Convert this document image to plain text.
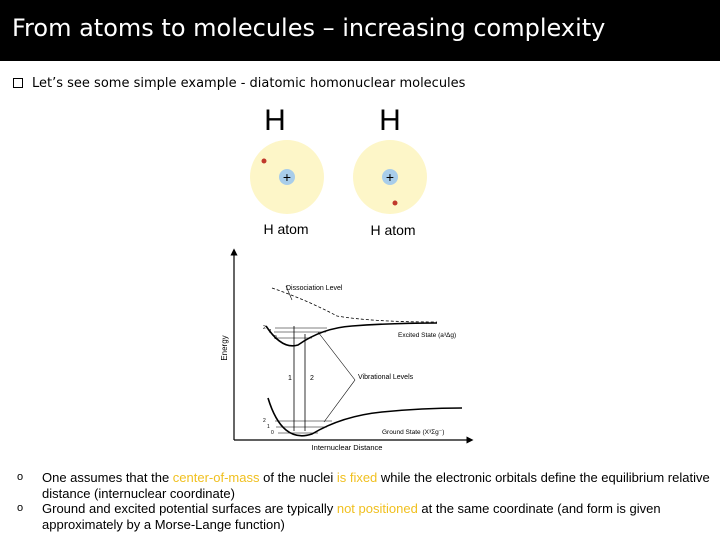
From atoms to molecules – increasing complexity
Let’s see some simple example - diatomic homonuclear molecules
H
+
H atom
H
+
H atom
Energy
Internuclear Distance
Dissociation Level
Excited State (a³Δg)
2
1
0
Ground State (X³Σg⁻)
2
1
0
1	2	Vibrational Levels
o One assumes that the center-of-mass of the nuclei is fixed while the electronic orbitals define the equilibrium relative distance (internuclear coordinate)
o Ground and excited potential surfaces are typically not positioned at the same coordinate (and form is given approximately by a Morse-Lange function)
